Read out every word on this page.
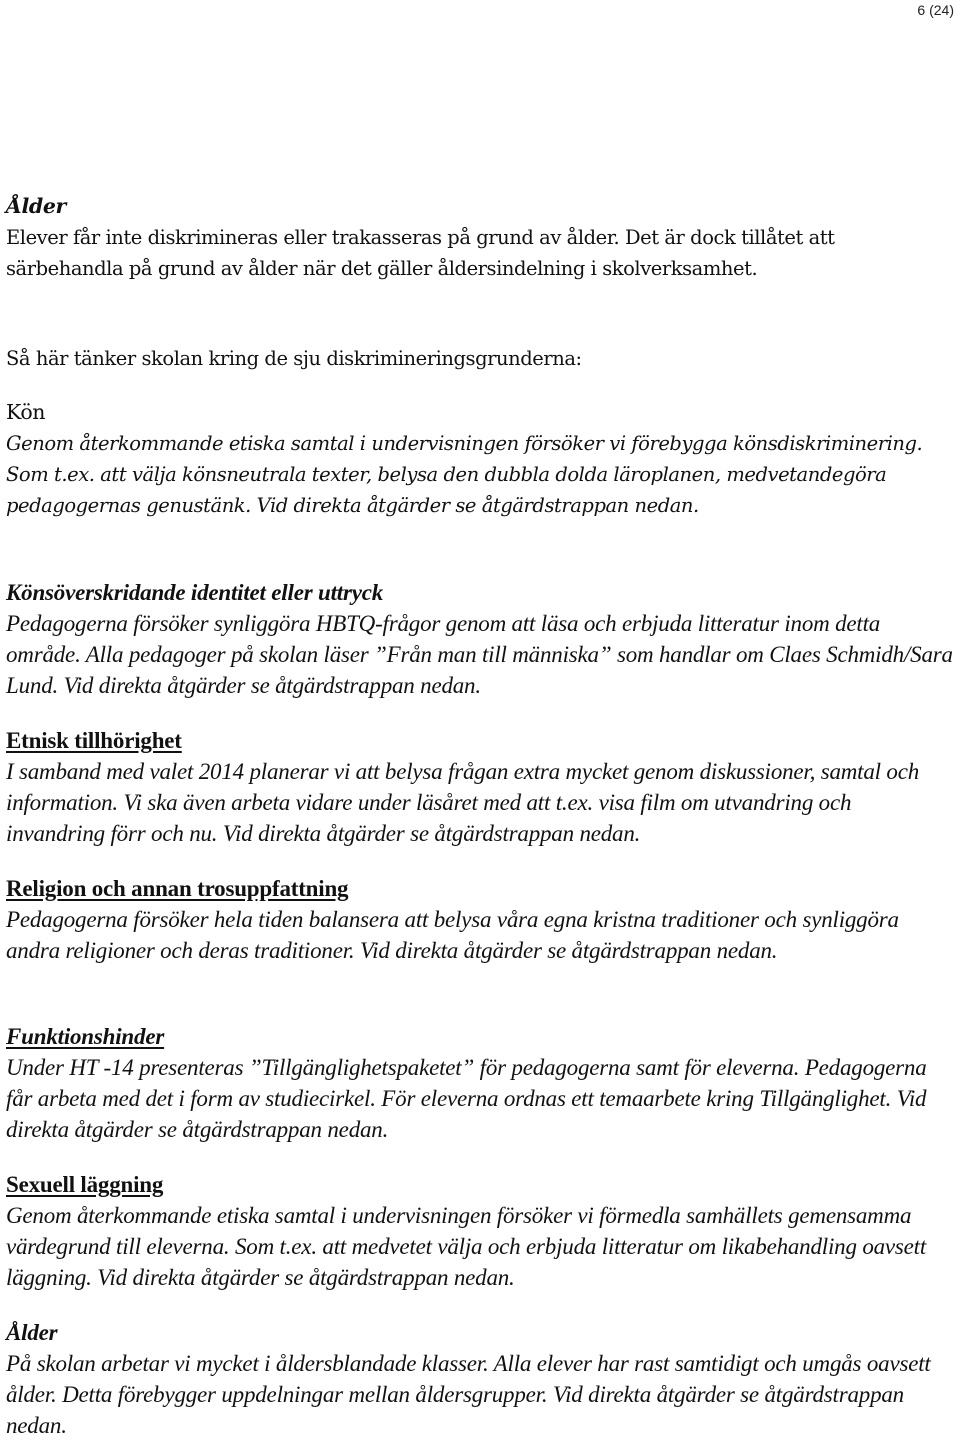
6 (24)
Ålder
Elever får inte diskrimineras eller trakasseras på grund av ålder. Det är dock tillåtet att särbehandla på grund av ålder när det gäller åldersindelning i skolverksamhet.
Så här tänker skolan kring de sju diskrimineringsgrunderna:
Kön
Genom återkommande etiska samtal i undervisningen försöker vi förebygga könsdiskriminering. Som t.ex. att välja könsneutrala texter, belysa den dubbla dolda läroplanen, medvetandegöra pedagogernas genustänk. Vid direkta åtgärder se åtgärdstrappan nedan.
Könsöverskridande identitet eller uttryck
Pedagogerna försöker synliggöra HBTQ-frågor genom att läsa och erbjuda litteratur inom detta område. Alla pedagoger på skolan läser ”Från man till människa” som handlar om Claes Schmidh/Sara Lund. Vid direkta åtgärder se åtgärdstrappan nedan.
Etnisk tillhörighet
I samband med valet 2014 planerar vi att belysa frågan extra mycket genom diskussioner, samtal och information. Vi ska även arbeta vidare under läsåret med att t.ex. visa film om utvandring och invandring förr och nu. Vid direkta åtgärder se åtgärdstrappan nedan.
Religion och annan trosuppfattning
Pedagogerna försöker hela tiden balansera att belysa våra egna kristna traditioner och synliggöra andra religioner och deras traditioner. Vid direkta åtgärder se åtgärdstrappan nedan.
Funktionshinder
Under HT -14 presenteras ”Tillgänglighetspaketet” för pedagogerna samt för eleverna. Pedagogerna får arbeta med det i form av studiecirkel. För eleverna ordnas ett temaarbete kring Tillgänglighet. Vid direkta åtgärder se åtgärdstrappan nedan.
Sexuell läggning
Genom återkommande etiska samtal i undervisningen försöker vi förmedla samhällets gemensamma värdegrund till eleverna. Som t.ex. att medvetet välja och erbjuda litteratur om likabehandling oavsett läggning. Vid direkta åtgärder se åtgärdstrappan nedan.
Ålder
På skolan arbetar vi mycket i åldersblandade klasser. Alla elever har rast samtidigt och umgås oavsett ålder. Detta förebygger uppdelningar mellan åldersgrupper. Vid direkta åtgärder se åtgärdstrappan nedan.
